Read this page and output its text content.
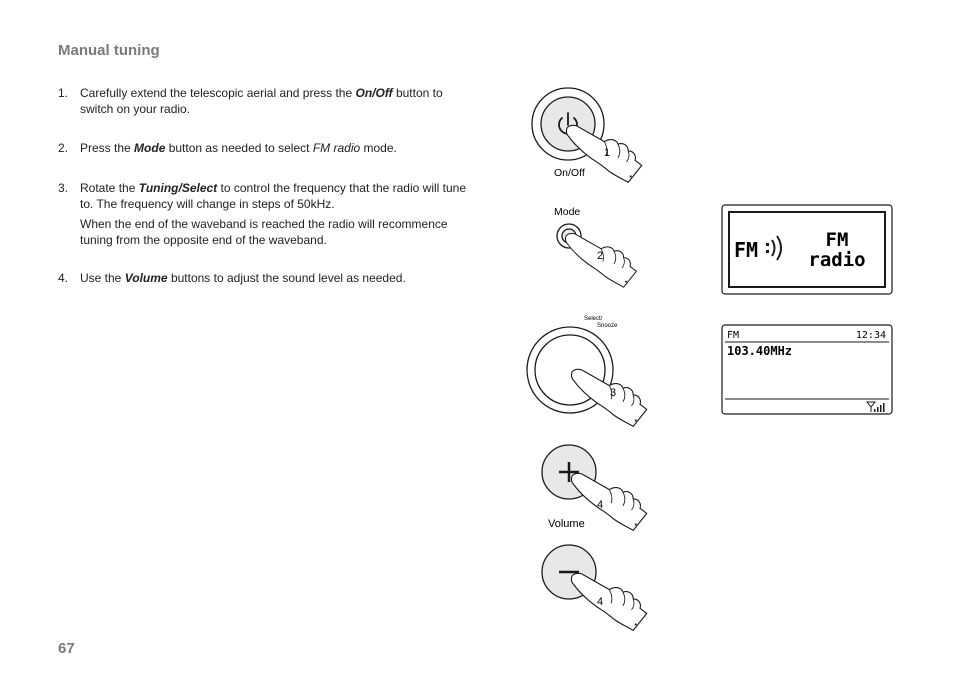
Manual tuning
1. Carefully extend the telescopic aerial and press the On/Off button to switch on your radio.

2. Press the Mode button as needed to select FM radio mode.

3. Rotate the Tuning/Select to control the frequency that the radio will tune to. The frequency will change in steps of 50kHz.

When the end of the waveband is reached the radio will recommence tuning from the opposite end of the waveband.

4. Use the Volume buttons to adjust the sound level as needed.

67
1
On/Off
Mode
2	FM	FM
radio
Select/
Snooze
3
FM	12:34
103.40MHz
4
Volume
4
